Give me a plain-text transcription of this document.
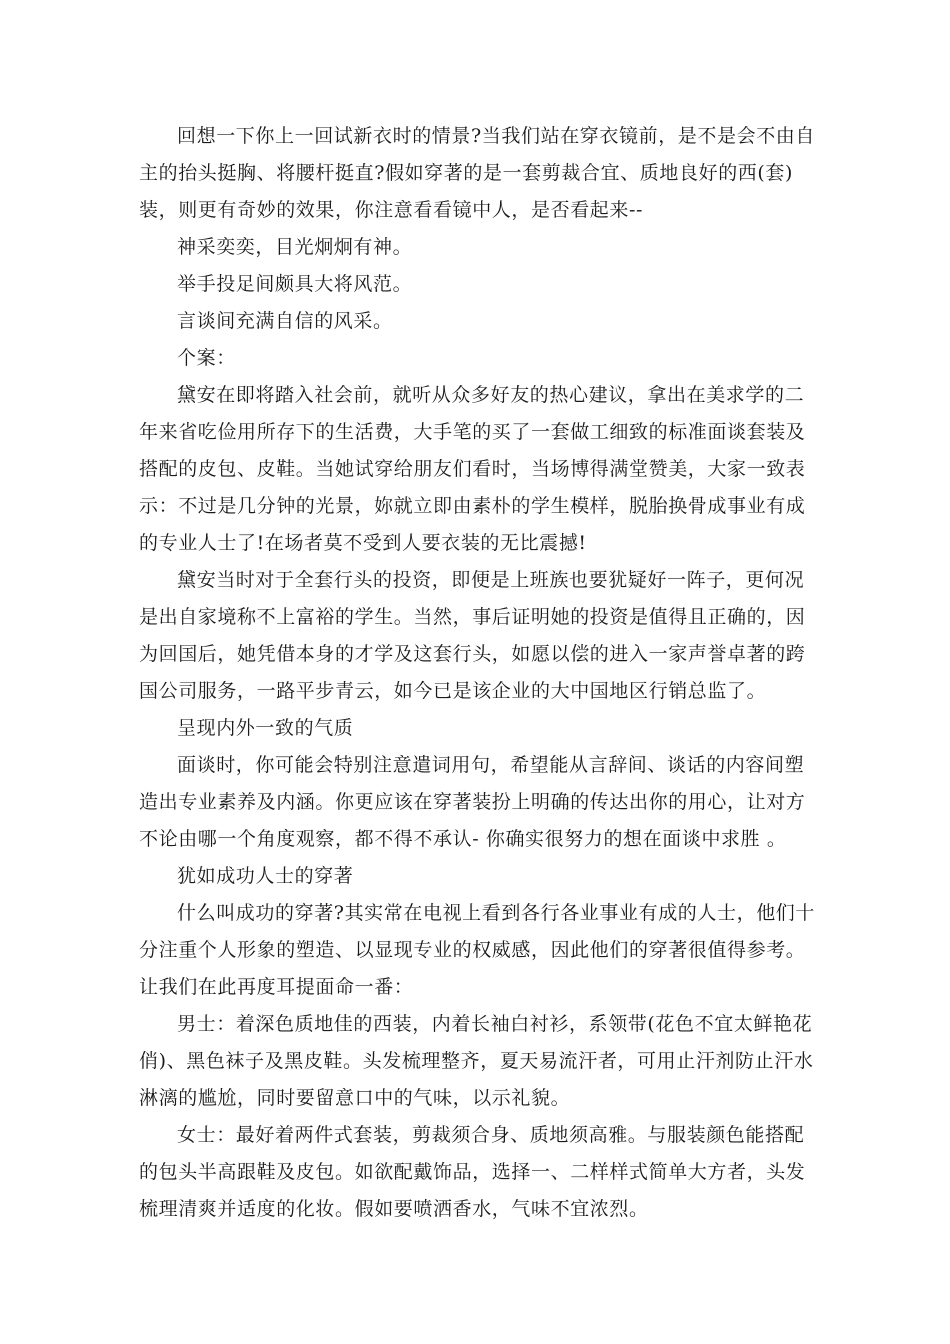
回想一下你上一回试新衣时的情景?当我们站在穿衣镜前，是不是会不由自主的抬头挺胸、将腰杆挺直?假如穿著的是一套剪裁合宜、质地良好的西(套)装，则更有奇妙的效果，你注意看看镜中人，是否看起来--

神采奕奕，目光炯炯有神。

举手投足间颇具大将风范。

言谈间充满自信的风采。

个案：

黛安在即将踏入社会前，就听从众多好友的热心建议，拿出在美求学的二年来省吃俭用所存下的生活费，大手笔的买了一套做工细致的标准面谈套装及搭配的皮包、皮鞋。当她试穿给朋友们看时，当场博得满堂赞美，大家一致表示：不过是几分钟的光景，妳就立即由素朴的学生模样，脱胎换骨成事业有成的专业人士了!在场者莫不受到人要衣装的无比震撼!

黛安当时对于全套行头的投资，即便是上班族也要犹疑好一阵子，更何况是出自家境称不上富裕的学生。当然，事后证明她的投资是值得且正确的，因为回国后，她凭借本身的才学及这套行头，如愿以偿的进入一家声誉卓著的跨国公司服务，一路平步青云，如今已是该企业的大中国地区行销总监了。

呈现内外一致的气质

面谈时，你可能会特别注意遣词用句，希望能从言辞间、谈话的内容间塑造出专业素养及内涵。你更应该在穿著装扮上明确的传达出你的用心，让对方不论由哪一个角度观察，都不得不承认- 你确实很努力的想在面谈中求胜 。

犹如成功人士的穿著

什么叫成功的穿著?其实常在电视上看到各行各业事业有成的人士，他们十分注重个人形象的塑造、以显现专业的权威感，因此他们的穿著很值得参考。让我们在此再度耳提面命一番：

男士：着深色质地佳的西装，内着长袖白衬衫，系领带(花色不宜太鲜艳花俏)、黑色袜子及黑皮鞋。头发梳理整齐，夏天易流汗者，可用止汗剂防止汗水淋漓的尴尬，同时要留意口中的气味，以示礼貌。

女士：最好着两件式套装，剪裁须合身、质地须高雅。与服装颜色能搭配的包头半高跟鞋及皮包。如欲配戴饰品，选择一、二样样式简单大方者，头发梳理清爽并适度的化妆。假如要喷洒香水，气味不宜浓烈。
